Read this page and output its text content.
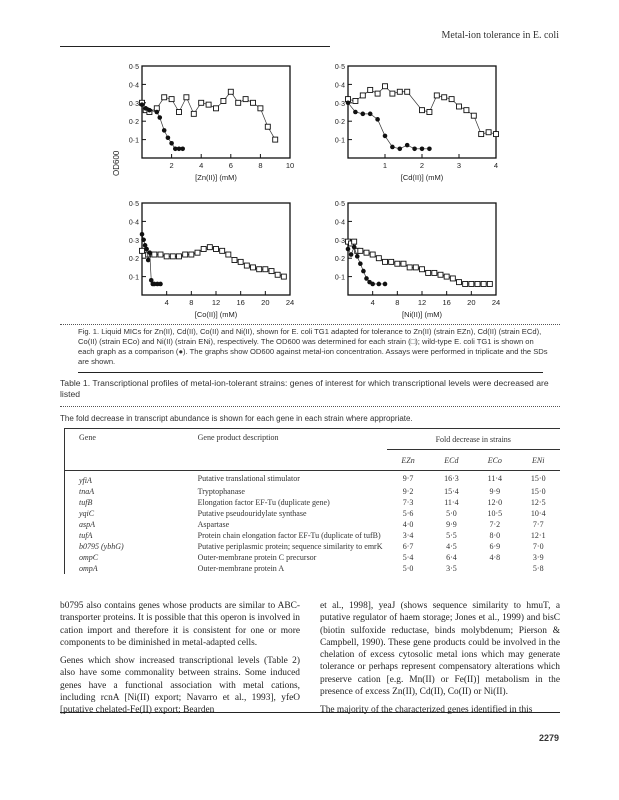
Metal-ion tolerance in E. coli
0·1
0·2
0·3
0·4
0·5
2	4	6	8	10
[Zn(II)] (mM)
0·1
0·2
0·3
0·4
0·5
1	2	3	4
[Cd(II)] (mM)
0·1
0·2
0·3
0·4
0·5
4	8 12 16 20 24
[Co(II)] (mM)
0·1
0·2
0·3
0·4
0·5
4	8 12 16 20 24
[Ni(II)] (mM)
OD600
Fig. 1. Liquid MICs for Zn(II), Cd(II), Co(II) and Ni(II), shown for E. coli TG1 adapted for tolerance to Zn(II) (strain EZn), Cd(II) (strain ECd), Co(II) (strain ECo) and Ni(II) (strain ENi), respectively. The OD600 was determined for each strain (□); wild-type E. coli TG1 is shown on each graph as a comparison (●). The graphs show OD600 against metal-ion concentration. Assays were performed in triplicate and the SDs are shown.
Table 1. Transcriptional profiles of metal-ion-tolerant strains: genes of interest for which transcriptional levels were decreased are listed
The fold decrease in transcript abundance is shown for each gene in each strain where appropriate.
Gene	Gene product description	Fold decrease in strains			
		EZn	ECd	ECo	ENi
yfiA	Putative translational stimulator	9·7	16·3	11·4	15·0
tnaA	Tryptophanase	9·2	15·4	9·9	15·0
tufB	Elongation factor EF-Tu (duplicate gene)	7·3	11·4	12·0	12·5
yqiC	Putative pseudouridylate synthase	5·6	5·0	10·5	10·4
aspA	Aspartase	4·0	9·9	7·2	7·7
tufA	Protein chain elongation factor EF-Tu (duplicate of tufB)	3·4	5·5	8·0	12·1
b0795 (ybhG)	Putative periplasmic protein; sequence similarity to emrK	6·7	4·5	6·9	7·0
ompC	Outer-membrane protein C precursor	5·4	6·4	4·8	3·9
ompA	Outer-membrane protein A	5·0	3·5		5·8

b0795 also contains genes whose products are similar to ABC-transporter proteins. It is possible that this operon is involved in cation import and therefore it is consistent for one or more components to be diminished in metal-adapted cells.

Genes which show increased transcriptional levels (Table 2) also have some commonality between strains. Some induced genes have a functional association with metal cations, including rcnA [Ni(II) export; Navarro et al., 1993], yfeO [putative chelated-Fe(II) export; Bearden

et al., 1998], yeaJ (shows sequence similarity to hmuT, a putative regulator of haem storage; Jones et al., 1999) and bisC (biotin sulfoxide reductase, binds molybdenum; Pierson & Campbell, 1990). These gene products could be involved in the chelation of excess cytosolic metal ions which may generate tolerance or perhaps represent compensatory alterations which preserve cation [e.g. Mn(II) or Fe(II)] metabolism in the presence of excess Zn(II), Cd(II), Co(II) or Ni(II).

The majority of the characterized genes identified in this

2279
